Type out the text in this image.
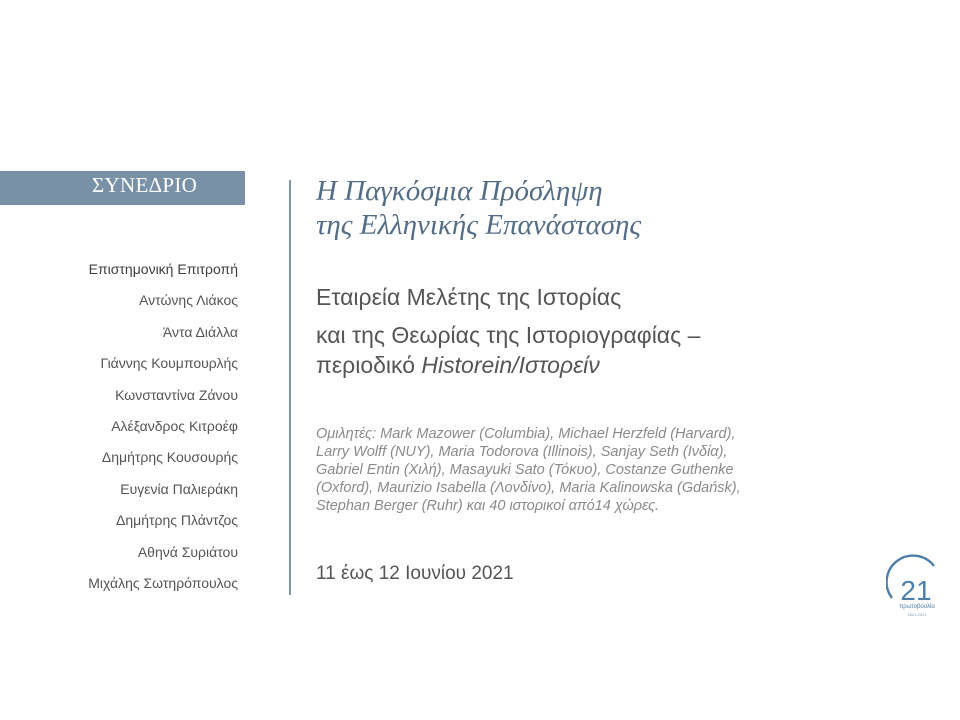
ΣΥΝΕΔΡΙΟ
Επιστημονική Επιτροπή
Αντώνης Λιάκος
Άντα Διάλλα
Γιάννης Κουμπουρλής
Κωνσταντίνα Ζάνου
Αλέξανδρος Κιτροέφ
Δημήτρης Κουσουρής
Ευγενία Παλιεράκη
Δημήτρης Πλάντζος
Αθηνά Συριάτου
Μιχάλης Σωτηρόπουλος
Η Παγκόσμια Πρόσληψη
της Ελληνικής Επανάστασης
Εταιρεία Μελέτης της Ιστορίας
και της Θεωρίας της Ιστοριογραφίας –
περιοδικό Historein/Ιστορείν
Ομιλητές: Mark Mazower (Columbia), Michael Herzfeld (Harvard),
Larry Wolff (NUY), Maria Todorova (Illinois), Sanjay Seth (Ινδία),
Gabriel Entin (Χιλή), Masayuki Sato (Τόκυο), Costanze Guthenke
(Oxford), Maurizio Isabella (Λονδίνο), Maria Kalinowska (Gdańsk),
Stephan Berger (Ruhr) και 40 ιστορικοί από14 χώρες.
11 έως 12 Ιουνίου 2021
21
πρωτοβουλία
1821-2021
